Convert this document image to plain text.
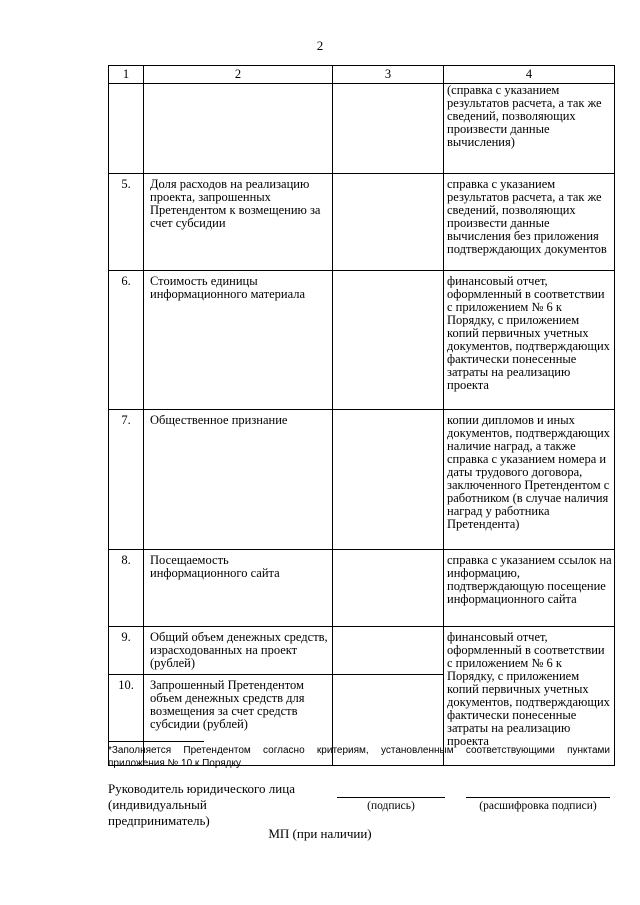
2
1	2	3	4

			(справка с указанием результатов расчета, а так же сведений, позволяющих произвести данные вычисления)

5.	Доля расходов на реализацию проекта, запрошенных Претендентом к возмещению за счет субсидии		справка с указанием результатов расчета, а так же сведений, позволяющих произвести данные вычисления без приложения подтверждающих документов

6.	Стоимость единицы информационного материала		финансовый отчет, оформленный в соответствии с приложением № 6 к Порядку, с приложением копий первичных учетных документов, подтверждающих фактически понесенные затраты на реализацию проекта

7.	Общественное признание		копии дипломов и иных документов, подтверждающих наличие наград, а также справка с указанием номера и даты трудового договора, заключенного Претендентом с работником (в случае наличия наград у работника Претендента)

8.	Посещаемость информационного сайта		справка с указанием ссылок на информацию, подтверждающую посещение информационного сайта

9.	Общий объем денежных средств, израсходованных на проект (рублей)		финансовый отчет, оформленный в соответствии с приложением № 6 к Порядку, с приложением копий первичных учетных документов, подтверждающих фактически понесенные затраты на реализацию проекта

10.	Запрошенный Претендентом объем денежных средств для возмещения за счет средств субсидии (рублей)		

*Заполняется Претендентом согласно критериям, установленным соответствующими пунктами приложения № 10 к Порядку.
Руководитель юридического лица (индивидуальный предприниматель)
(подпись)	(расшифровка подписи)
МП (при наличии)
